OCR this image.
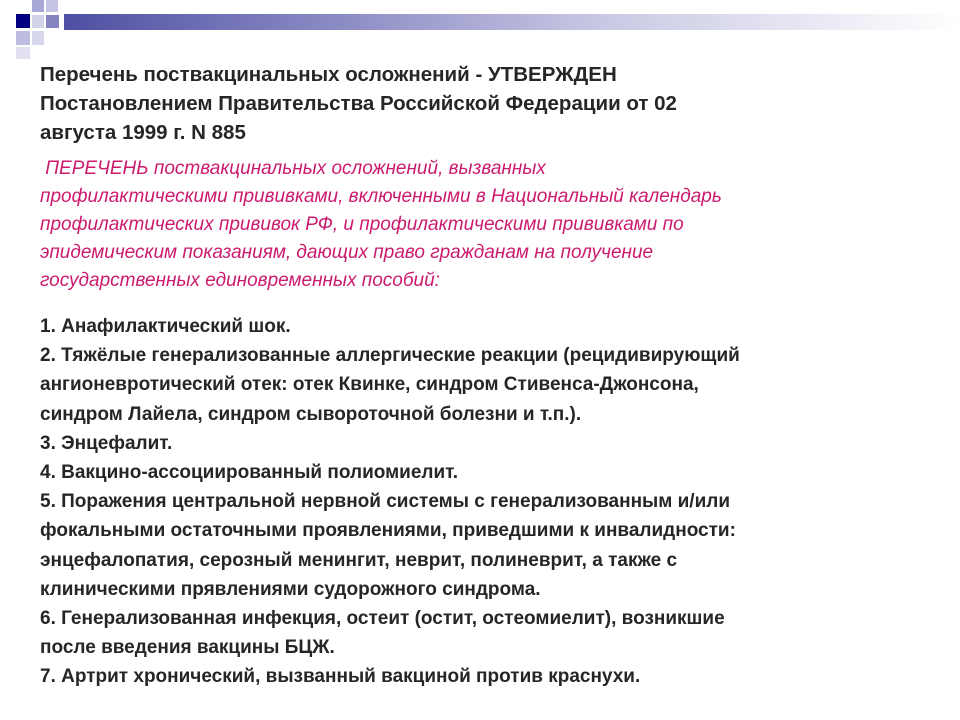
Перечень поствакцинальных осложнений - УТВЕРЖДЕН
Постановлением Правительства Российской Федерации от 02
августа 1999 г. N 885
ПЕРЕЧЕНЬ поствакцинальных осложнений, вызванных
профилактическими прививками, включенными в Национальный календарь
профилактических прививок РФ, и профилактическими прививками по
эпидемическим показаниям, дающих право гражданам на получение
государственных единовременных пособий:
1. Анафилактический шок.
2. Тяжёлые генерализованные аллергические реакции (рецидивирующий
ангионевротический отек: отек Квинке, синдром Стивенса-Джонсона,
синдром Лайела, синдром сывороточной болезни и т.п.).
3. Энцефалит.
4. Вакцино-ассоциированный полиомиелит.
5. Поражения центральной нервной системы с генерализованным и/или
фокальными остаточными проявлениями, приведшими к инвалидности:
энцефалопатия, серозный менингит, неврит, полиневрит, а также с
клиническими прявлениями судорожного синдрома.
6. Генерализованная инфекция, остеит (остит, остеомиелит), возникшие
после введения вакцины БЦЖ.
7. Артрит хронический, вызванный вакциной против краснухи.
